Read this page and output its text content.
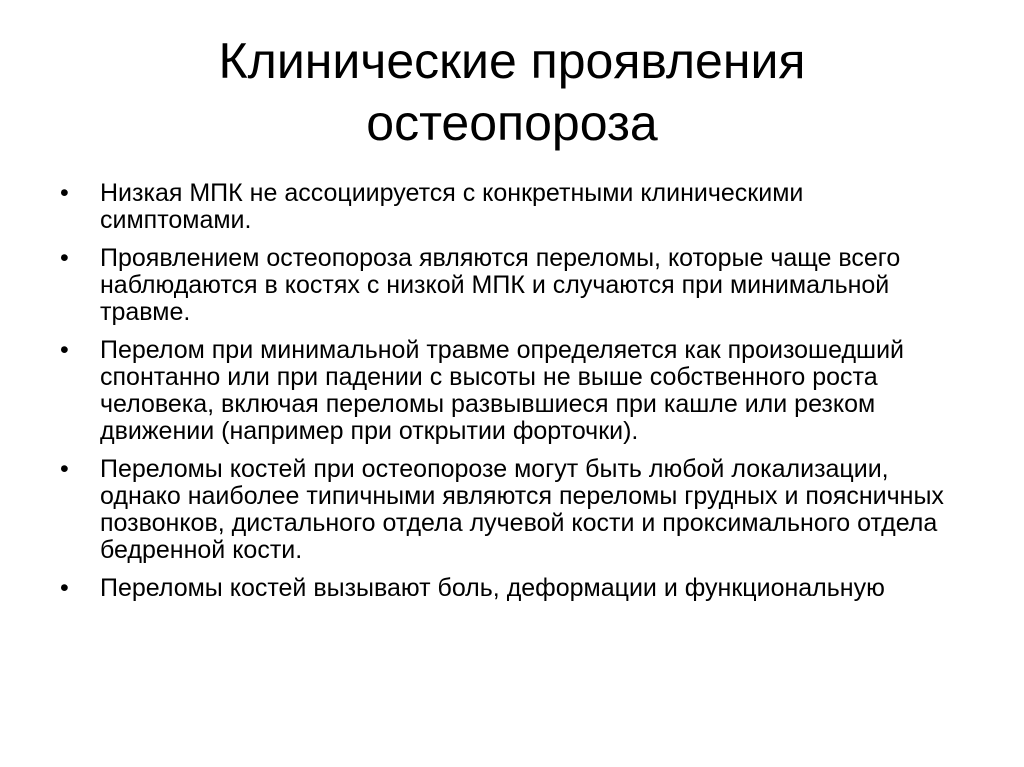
Клинические проявления
остеопороза
• Низкая МПК не ассоциируется с конкретными клиническими симптомами.
• Проявлением остеопороза являются переломы, которые чаще всего наблюдаются в костях с низкой МПК и случаются при минимальной травме.
• Перелом при минимальной травме определяется как произошедший спонтанно или при падении с высоты не выше собственного роста человека, включая переломы развывшиеся при кашле или резком движении (например при открытии форточки).
• Переломы костей при остеопорозе могут быть любой локализации, однако наиболее типичными являются переломы грудных и поясничных позвонков, дистального отдела лучевой кости и проксимального отдела бедренной кости.
• Переломы костей вызывают боль, деформации и функциональную
